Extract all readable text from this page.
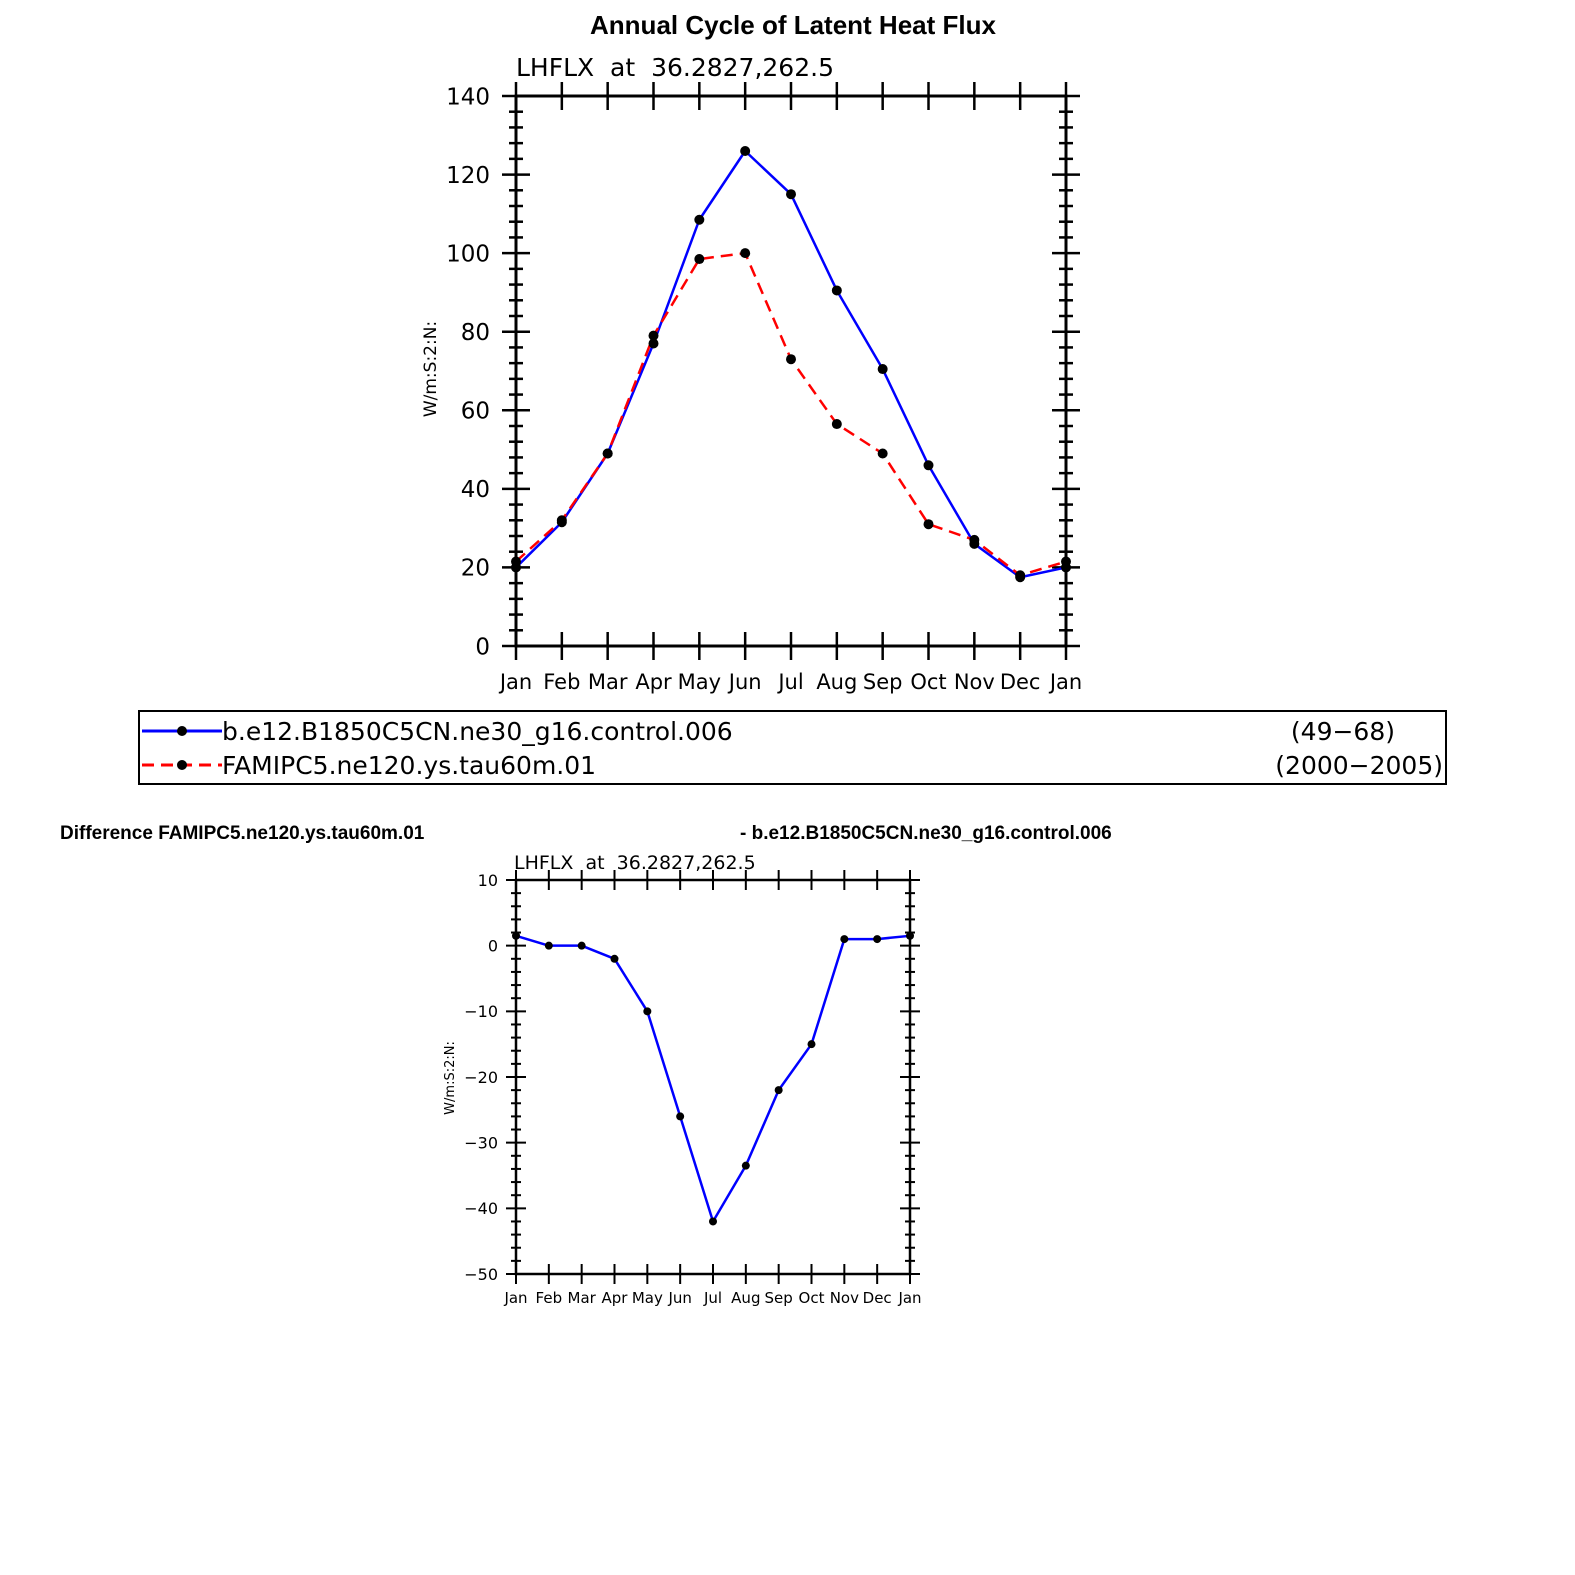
Annual Cycle of Latent Heat Flux
LHFLX  at  36.2827,262.5
W/m:S:2:N:
0
20
40
60
80
100
120
140
Jan Feb Mar Apr May Jun Jul Aug Sep Oct Nov Dec Jan
b.e12.B1850C5CN.ne30_g16.control.006	(49−68)
FAMIPC5.ne120.ys.tau60m.01	(2000−2005)
Difference FAMIPC5.ne120.ys.tau60m.01	- b.e12.B1850C5CN.ne30_g16.control.006
LHFLX  at  36.2827,262.5
W/m:S:2:N:
−50
−40
−30
−20
−10
0
10
Jan Feb Mar Apr May Jun Jul Aug Sep Oct Nov Dec Jan
